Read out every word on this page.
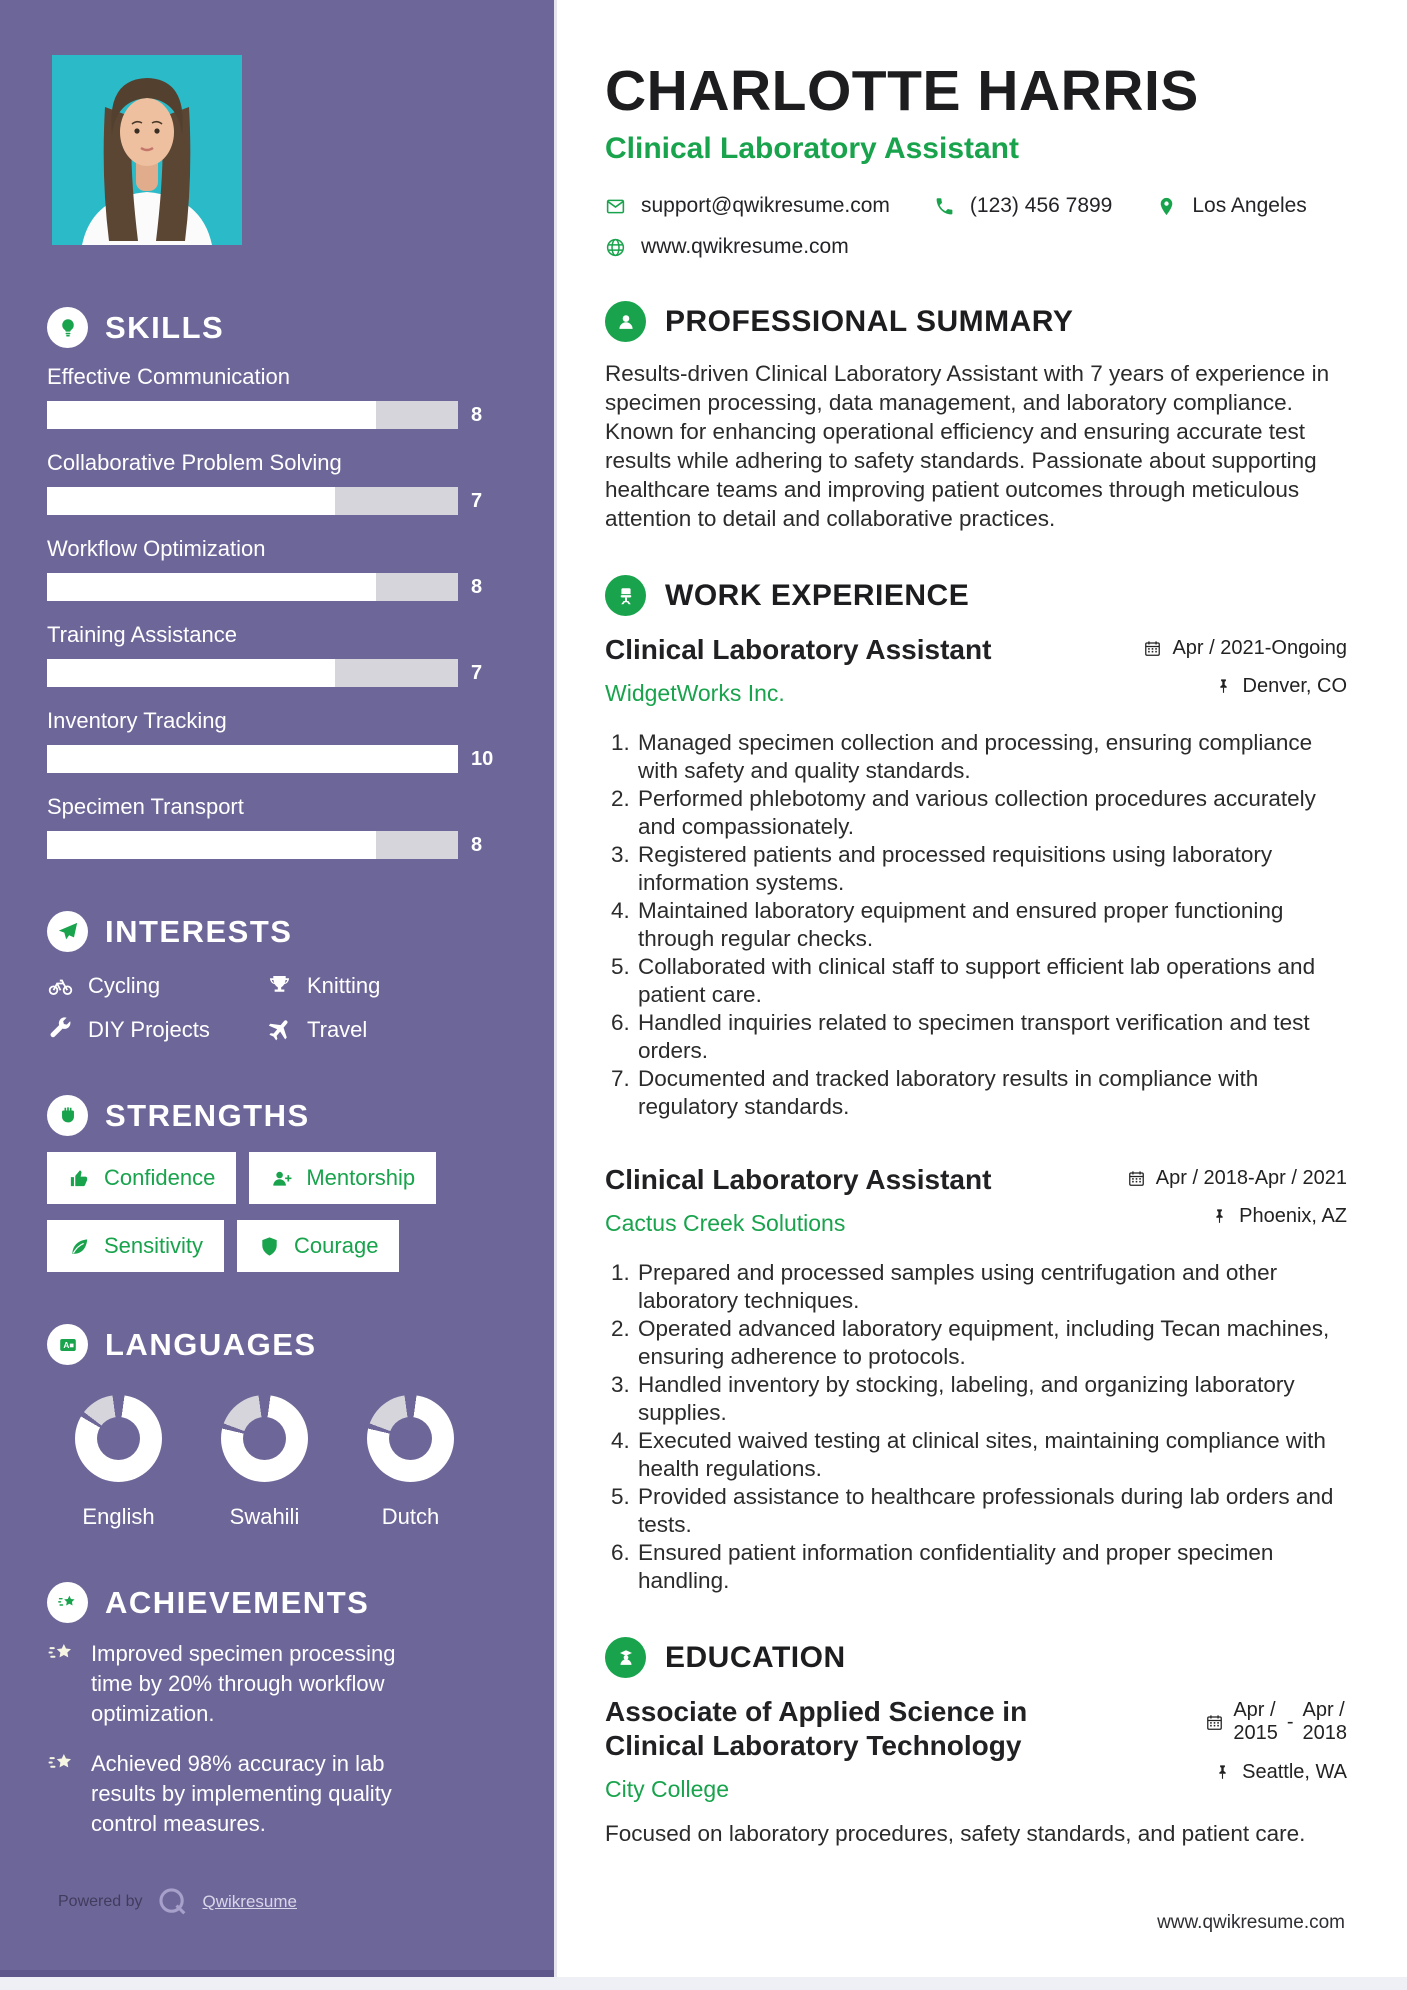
SKILLS
Effective Communication
8
Collaborative Problem Solving
7
Workflow Optimization
8
Training Assistance
7
Inventory Tracking
10
Specimen Transport
8
INTERESTS
Cycling	Knitting
DIY Projects	Travel
STRENGTHS
Confidence	Mentorship
Sensitivity	Courage
A LANGUAGES
English	Swahili	Dutch
ACHIEVEMENTS
Improved specimen processing time by 20% through workflow optimization.
Achieved 98% accuracy in lab results by implementing quality control measures.
Powered by	Qwikresume
CHARLOTTE HARRIS
Clinical Laboratory Assistant
support@qwikresume.com	(123) 456 7899	Los Angeles
www.qwikresume.com
PROFESSIONAL SUMMARY

Results-driven Clinical Laboratory Assistant with 7 years of experience in specimen processing, data management, and laboratory compliance. Known for enhancing operational efficiency and ensuring accurate test results while adhering to safety standards. Passionate about supporting healthcare teams and improving patient outcomes through meticulous attention to detail and collaborative practices.

WORK EXPERIENCE
Clinical Laboratory Assistant
WidgetWorks Inc.
Apr / 2021-Ongoing
Denver, CO
1. Managed specimen collection and processing, ensuring compliance with safety and quality standards.
2. Performed phlebotomy and various collection procedures accurately and compassionately.
3. Registered patients and processed requisitions using laboratory information systems.
4. Maintained laboratory equipment and ensured proper functioning through regular checks.
5. Collaborated with clinical staff to support efficient lab operations and patient care.
6. Handled inquiries related to specimen transport verification and test orders.
7. Documented and tracked laboratory results in compliance with regulatory standards.
Clinical Laboratory Assistant
Cactus Creek Solutions
Apr / 2018-Apr / 2021
Phoenix, AZ
1. Prepared and processed samples using centrifugation and other laboratory techniques.
2. Operated advanced laboratory equipment, including Tecan machines, ensuring adherence to protocols.
3. Handled inventory by stocking, labeling, and organizing laboratory supplies.
4. Executed waived testing at clinical sites, maintaining compliance with health regulations.
5. Provided assistance to healthcare professionals during lab orders and tests.
6. Ensured patient information confidentiality and proper specimen handling.
EDUCATION
Associate of Applied Science in Clinical Laboratory Technology
City College
Apr /
2015
-
Apr /
2018
Seattle, WA

Focused on laboratory procedures, safety standards, and patient care.

www.qwikresume.com
